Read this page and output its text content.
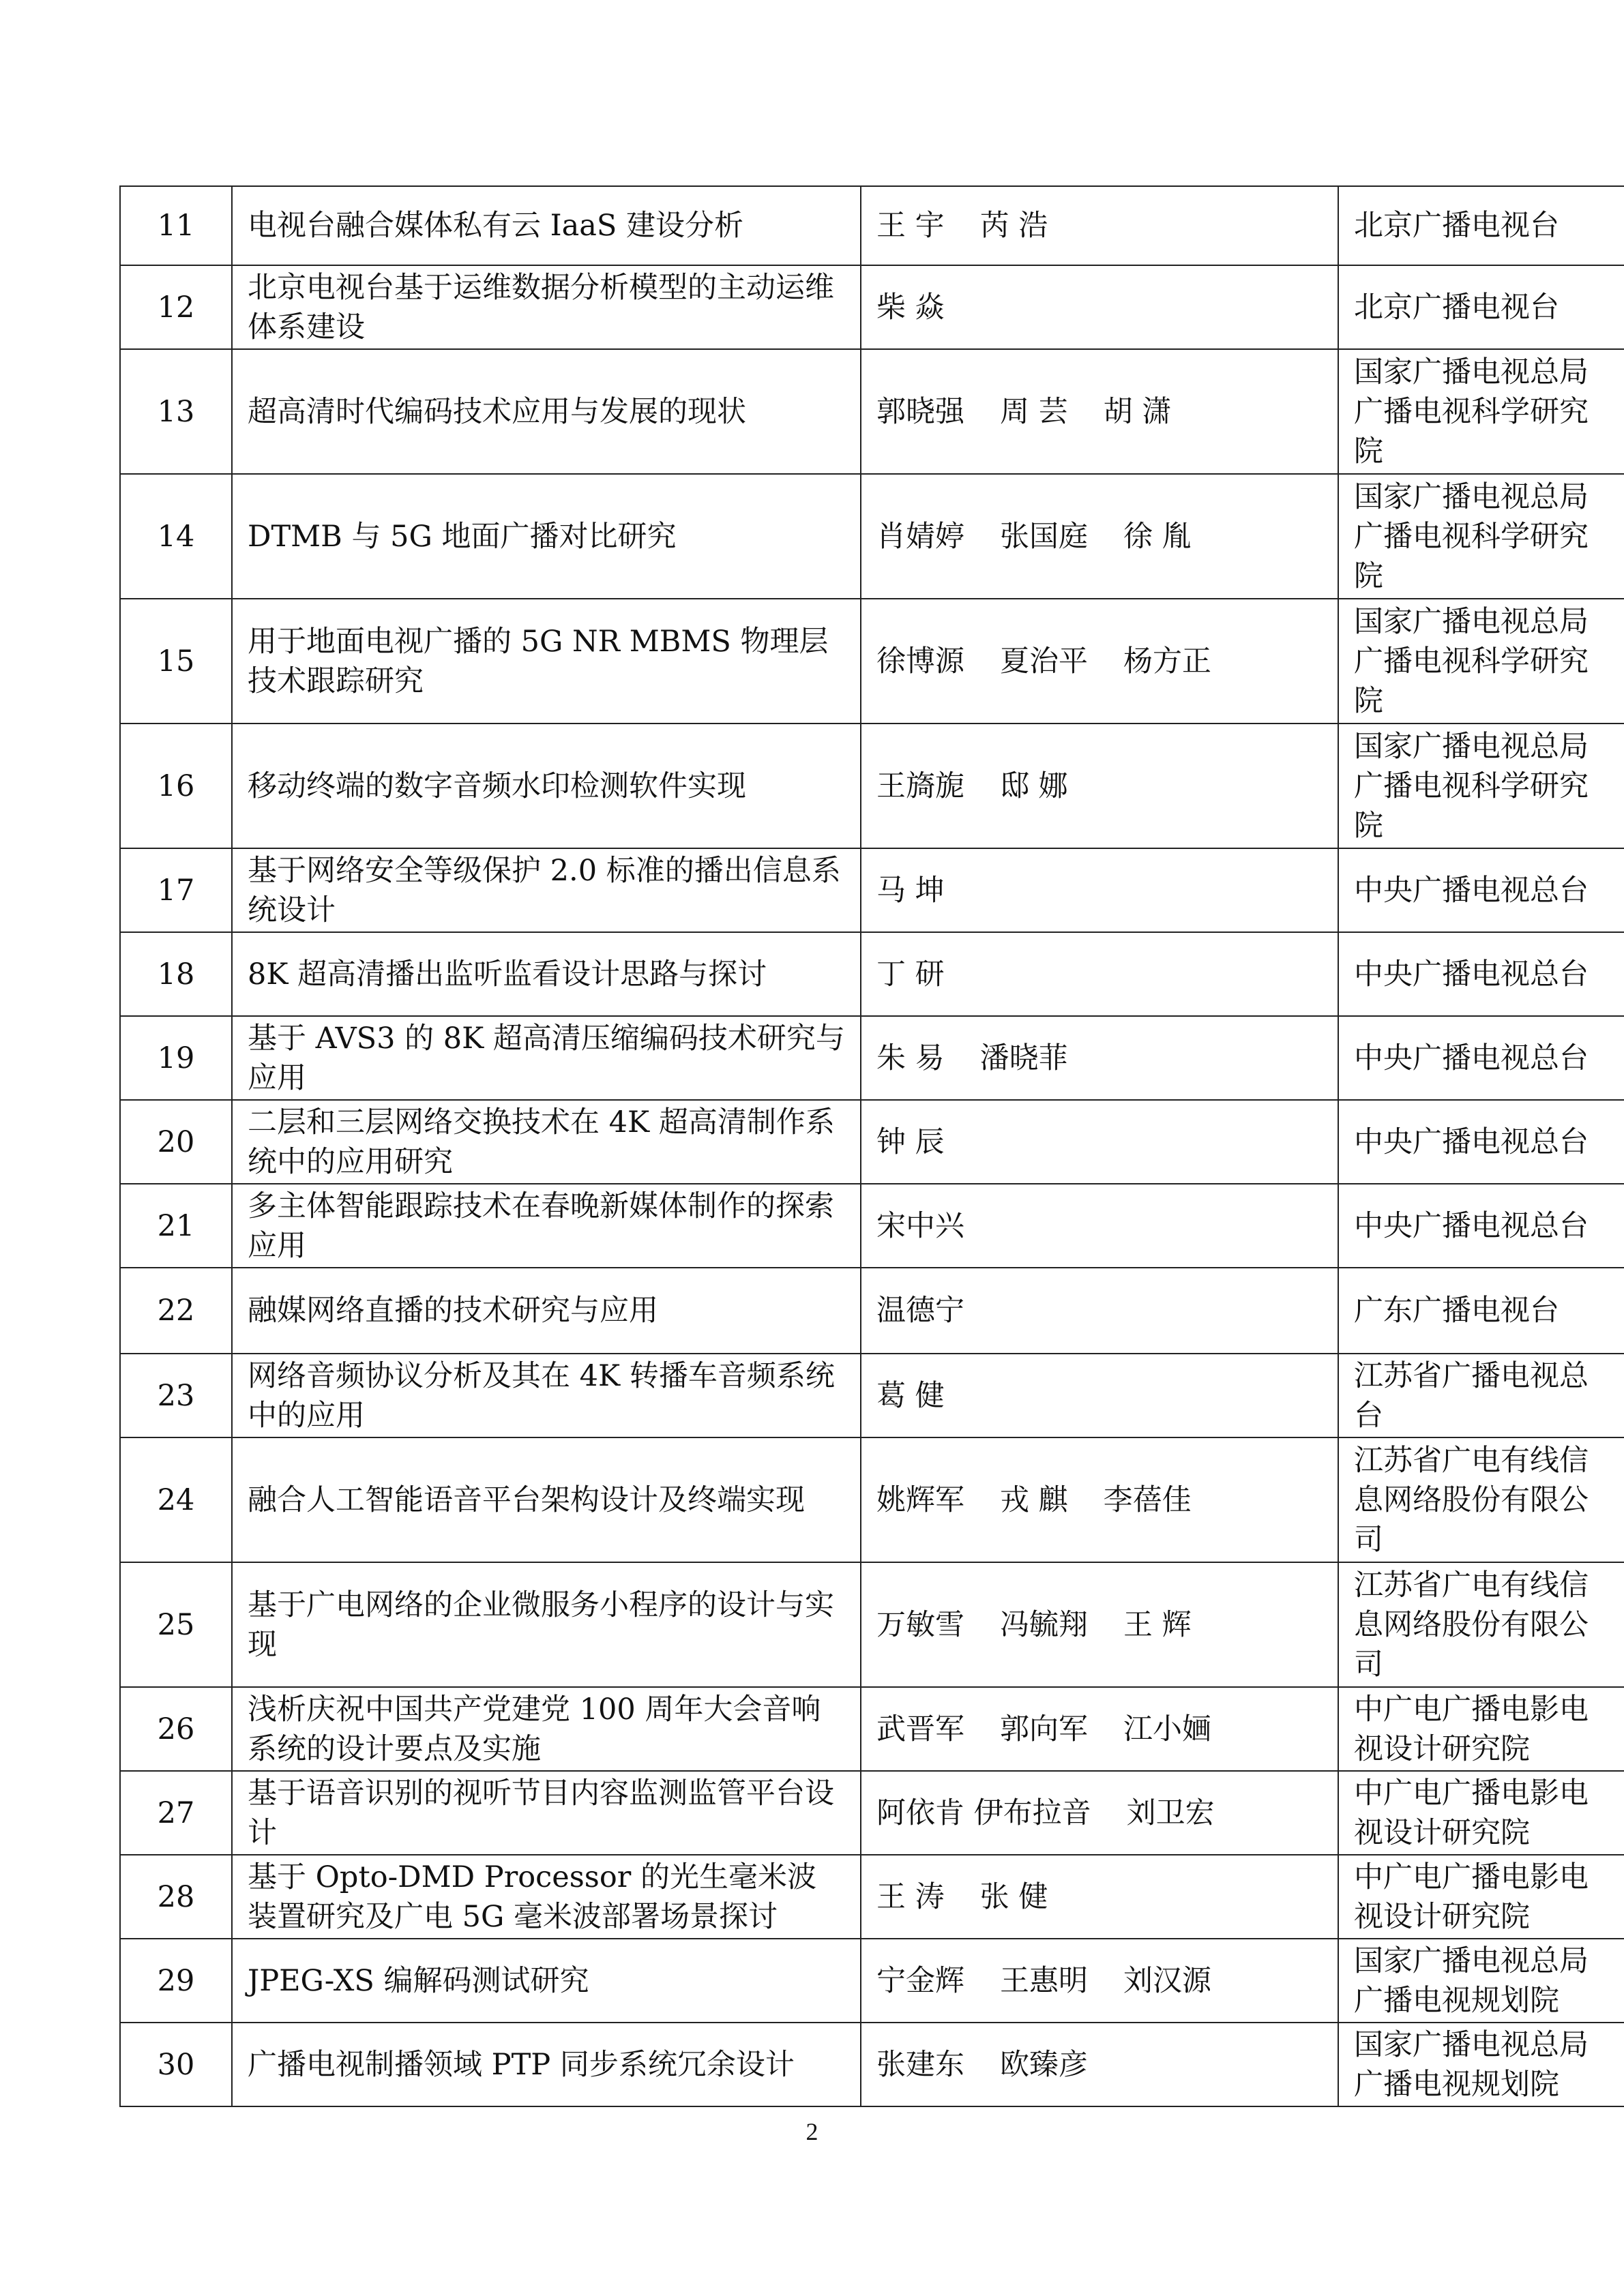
11	电视台融合媒体私有云 IaaS 建设分析	王 宇 芮 浩	北京广播电视台
12	北京电视台基于运维数据分析模型的主动运维体系建设	柴 焱	北京广播电视台
13	超高清时代编码技术应用与发展的现状	郭晓强 周 芸 胡 潇	国家广播电视总局广播电视科学研究院
14	DTMB 与 5G 地面广播对比研究	肖婧婷 张国庭 徐 胤	国家广播电视总局广播电视科学研究院
15	用于地面电视广播的 5G NR MBMS 物理层技术跟踪研究	徐博源 夏治平 杨方正	国家广播电视总局广播电视科学研究院
16	移动终端的数字音频水印检测软件实现	王旖旎 邸 娜	国家广播电视总局广播电视科学研究院
17	基于网络安全等级保护 2.0 标准的播出信息系统设计	马 坤	中央广播电视总台
18	8K 超高清播出监听监看设计思路与探讨	丁 研	中央广播电视总台
19	基于 AVS3 的 8K 超高清压缩编码技术研究与应用	朱 易 潘晓菲	中央广播电视总台
20	二层和三层网络交换技术在 4K 超高清制作系统中的应用研究	钟 辰	中央广播电视总台
21	多主体智能跟踪技术在春晚新媒体制作的探索应用	宋中兴	中央广播电视总台
22	融媒网络直播的技术研究与应用	温德宁	广东广播电视台
23	网络音频协议分析及其在 4K 转播车音频系统中的应用	葛 健	江苏省广播电视总台
24	融合人工智能语音平台架构设计及终端实现	姚辉军 戎 麒 李蓓佳	江苏省广电有线信息网络股份有限公司
25	基于广电网络的企业微服务小程序的设计与实现	万敏雪 冯毓翔 王 辉	江苏省广电有线信息网络股份有限公司
26	浅析庆祝中国共产党建党 100 周年大会音响系统的设计要点及实施	武晋军 郭向军 江小婳	中广电广播电影电视设计研究院
27	基于语音识别的视听节目内容监测监管平台设计	阿依肯 伊布拉音 刘卫宏	中广电广播电影电视设计研究院
28	基于 Opto-DMD Processor 的光生毫米波装置研究及广电 5G 毫米波部署场景探讨	王 涛 张 健	中广电广播电影电视设计研究院
29	JPEG-XS 编解码测试研究	宁金辉 王惠明 刘汉源	国家广播电视总局广播电视规划院
30	广播电视制播领域 PTP 同步系统冗余设计	张建东 欧臻彦	国家广播电视总局广播电视规划院
2
